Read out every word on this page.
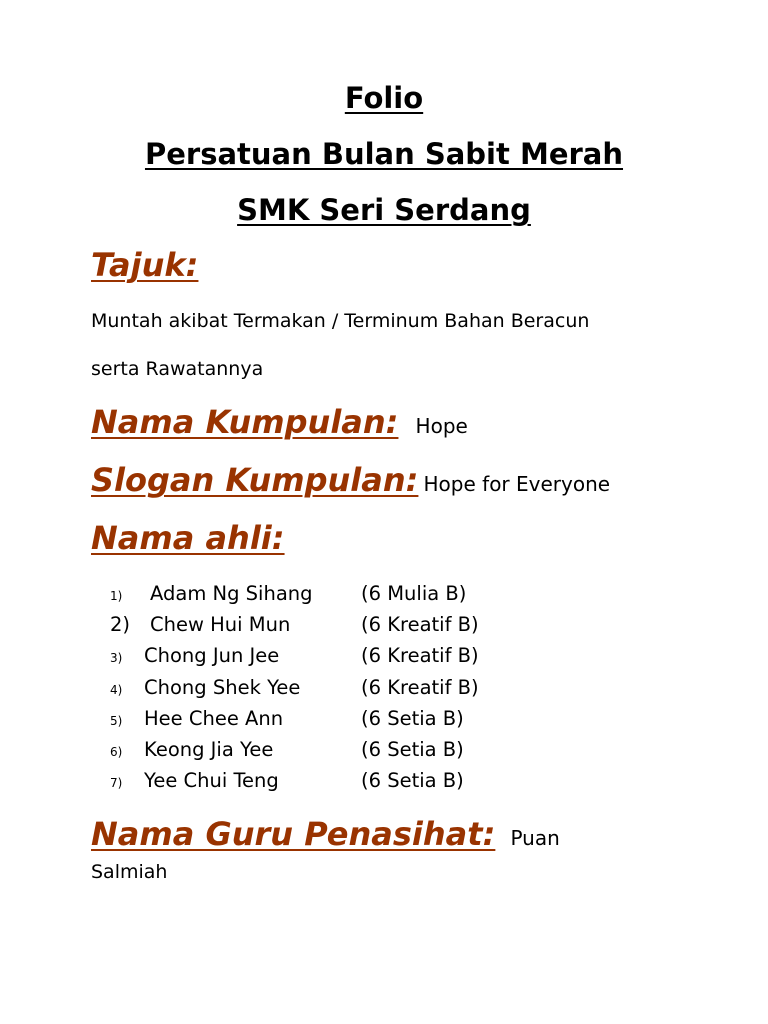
Folio
Persatuan Bulan Sabit Merah
SMK Seri Serdang
Tajuk:
Muntah akibat Termakan / Terminum Bahan Beracun
serta Rawatannya
Nama Kumpulan: Hope
Slogan Kumpulan: Hope for Everyone
Nama ahli:
1) Adam Ng Sihang (6 Mulia B)
2) Chew Hui Mun	(6 Kreatif B)
3) Chong Jun Jee	(6 Kreatif B)
4) Chong Shek Yee	(6 Kreatif B)
5) Hee Chee Ann	(6 Setia B)
6) Keong Jia Yee	(6 Setia B)
7) Yee Chui Teng	(6 Setia B)
Nama Guru Penasihat: Puan
Salmiah
